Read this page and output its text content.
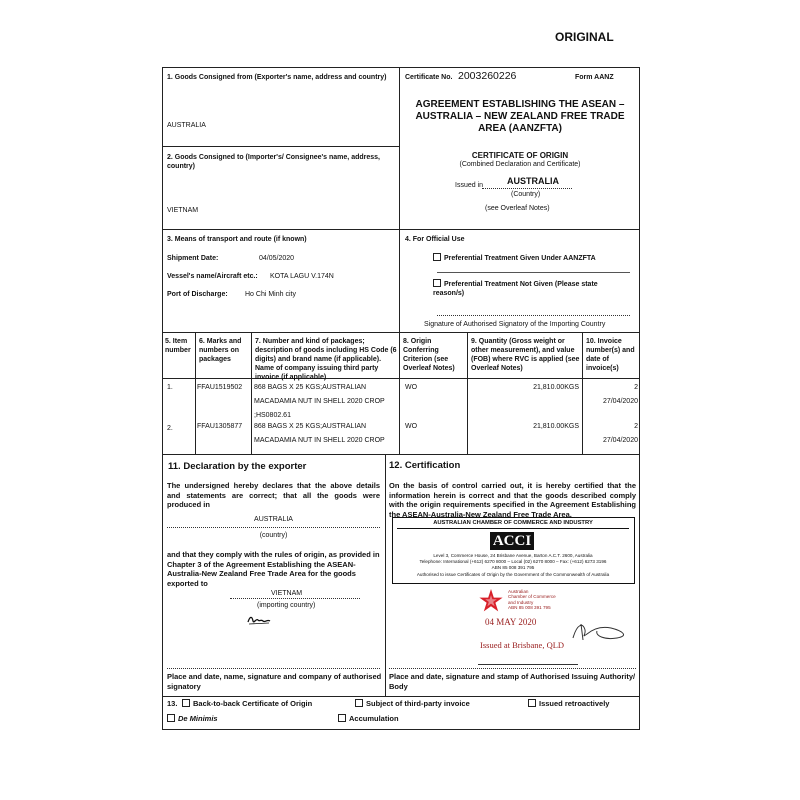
ORIGINAL
1. Goods Consigned from (Exporter's name, address and country)
AUSTRALIA
2. Goods Consigned to (Importer's/ Consignee's name, address, country)
VIETNAM
Certificate No. 2003260226	Form AANZ
AGREEMENT ESTABLISHING THE ASEAN – AUSTRALIA – NEW ZEALAND FREE TRADE AREA (AANZFTA)
CERTIFICATE OF ORIGIN
(Combined Declaration and Certificate)
Issued in	AUSTRALIA
(Country)
(see Overleaf Notes)
3. Means of transport and route (if known)
Shipment Date:	04/05/2020
Vessel's name/Aircraft etc.: KOTA LAGU V.174N
Port of Discharge: Ho Chi Minh city
4. For Official Use
Preferential Treatment Given Under AANZFTA
Preferential Treatment Not Given (Please state reason/s)
Signature of Authorised Signatory of the Importing Country
5. Item number
6. Marks and numbers on packages
7. Number and kind of packages; description of goods including HS Code (6 digits) and brand name (if applicable). Name of company issuing third party invoice (if applicable)
8. Origin Conferring Criterion (see Overleaf Notes)
9. Quantity (Gross weight or other measurement), and value (FOB) where RVC is applied (see Overleaf Notes)
10. Invoice number(s) and date of invoice(s)
1.	FFAU1519502 868 BAGS X 25 KGS;AUSTRALIAN
MACADAMIA NUT IN SHELL 2020 CROP
;HS0802.61
WO	21,810.00KGS	2
27/04/2020
2.	FFAU1305877 868 BAGS X 25 KGS;AUSTRALIAN
MACADAMIA NUT IN SHELL 2020 CROP
WO	21,810.00KGS	2
27/04/2020
11. Declaration by the exporter
The undersigned hereby declares that the above details and statements are correct; that all the goods were produced in
AUSTRALIA
(country)
and that they comply with the rules of origin, as provided in Chapter 3 of the Agreement Establishing the ASEAN-Australia-New Zealand Free Trade Area for the goods exported to
VIETNAM
(importing country)
Place and date, name, signature and company of authorised signatory
12. Certification
On the basis of control carried out, it is hereby certified that the information herein is correct and that the goods described comply with the origin requirements specified in the Agreement Establishing the ASEAN-Australia-New Zealand Free Trade Area.
AUSTRALIAN CHAMBER OF COMMERCE AND INDUSTRY
ACCI
Level 3, Commerce House, 24 Brisbane Avenue, Barton A.C.T. 2600, Australia
Telephone: International (+612) 6270 8000 – Local (02) 6270 8000 – Fax: (+612) 6273 3196
ABN 85 008 391 795
Authorised to issue Certificates of Origin by the Government of the Commonwealth of Australia
Australian
Chamber of Commerce
and Industry
ABN 85 008 391 795
04 MAY 2020
Issued at Brisbane, QLD
Place and date, signature and stamp of Authorised Issuing Authority/ Body
13.	Back-to-back Certificate of Origin	Subject of third-party invoice	Issued retroactively
De Minimis	Accumulation
